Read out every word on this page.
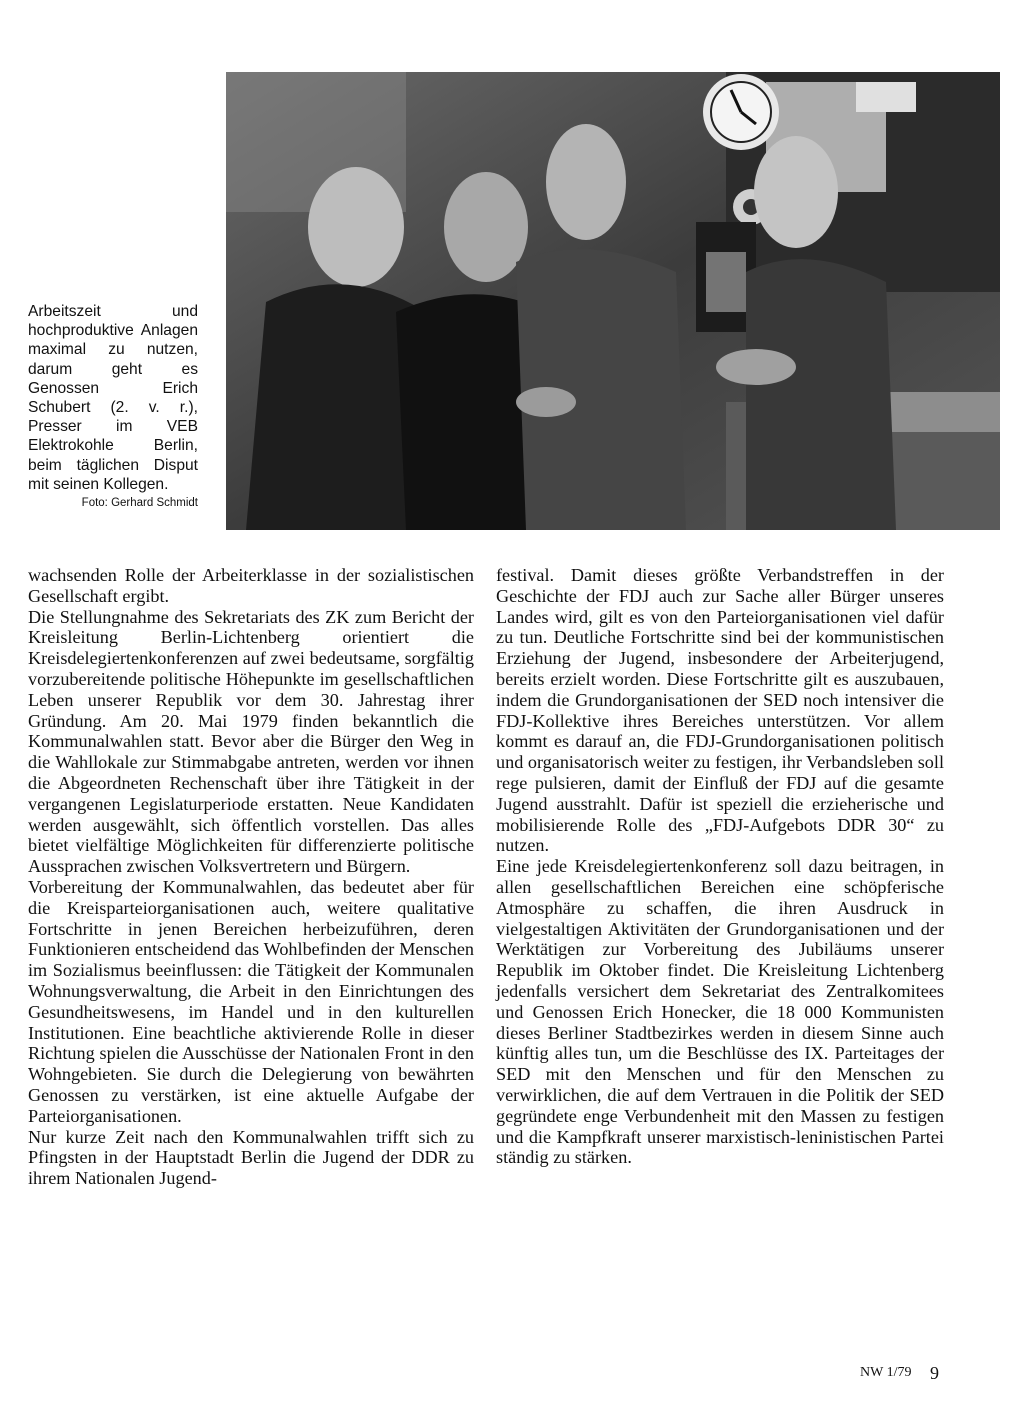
Arbeitszeit und hochproduktive Anlagen maximal zu nutzen, darum geht es Genossen Erich Schubert (2. v. r.), Presser im VEB Elektrokohle Berlin, beim täglichen Disput mit seinen Kollegen.
Foto: Gerhard Schmidt

wachsenden Rolle der Arbeiterklasse in der sozialistischen Gesellschaft ergibt.

Die Stellungnahme des Sekretariats des ZK zum Bericht der Kreisleitung Berlin-Lichtenberg orientiert die Kreisdelegiertenkonferenzen auf zwei bedeutsame, sorgfältig vorzubereitende politische Höhepunkte im gesellschaftlichen Leben unserer Republik vor dem 30. Jahrestag ihrer Gründung. Am 20. Mai 1979 finden bekanntlich die Kommunalwahlen statt. Bevor aber die Bürger den Weg in die Wahllokale zur Stimmabgabe antreten, werden vor ihnen die Abgeordneten Rechenschaft über ihre Tätigkeit in der vergangenen Legislaturperiode erstatten. Neue Kandidaten werden ausgewählt, sich öffentlich vorstellen. Das alles bietet vielfältige Möglichkeiten für differenzierte politische Aussprachen zwischen Volksvertretern und Bürgern.

Vorbereitung der Kommunalwahlen, das bedeutet aber für die Kreisparteiorganisationen auch, weitere qualitative Fortschritte in jenen Bereichen herbeizuführen, deren Funktionieren entscheidend das Wohlbefinden der Menschen im Sozialismus beeinflussen: die Tätigkeit der Kommunalen Wohnungsverwaltung, die Arbeit in den Einrichtungen des Gesundheitswesens, im Handel und in den kulturellen Institutionen. Eine beachtliche aktivierende Rolle in dieser Richtung spielen die Ausschüsse der Nationalen Front in den Wohngebieten. Sie durch die Delegierung von bewährten Genossen zu verstärken, ist eine aktuelle Aufgabe der Parteiorganisationen.

Nur kurze Zeit nach den Kommunalwahlen trifft sich zu Pfingsten in der Hauptstadt Berlin die Jugend der DDR zu ihrem Nationalen Jugend-

festival. Damit dieses größte Verbandstreffen in der Geschichte der FDJ auch zur Sache aller Bürger unseres Landes wird, gilt es von den Parteiorganisationen viel dafür zu tun. Deutliche Fortschritte sind bei der kommunistischen Erziehung der Jugend, insbesondere der Arbeiterjugend, bereits erzielt worden. Diese Fortschritte gilt es auszubauen, indem die Grundorganisationen der SED noch intensiver die FDJ-Kollektive ihres Bereiches unterstützen. Vor allem kommt es darauf an, die FDJ-Grundorganisationen politisch und organisatorisch weiter zu festigen, ihr Verbandsleben soll rege pulsieren, damit der Einfluß der FDJ auf die gesamte Jugend ausstrahlt. Dafür ist speziell die erzieherische und mobilisierende Rolle des „FDJ-Aufgebots DDR 30“ zu nutzen.

Eine jede Kreisdelegiertenkonferenz soll dazu beitragen, in allen gesellschaftlichen Bereichen eine schöpferische Atmosphäre zu schaffen, die ihren Ausdruck in vielgestaltigen Aktivitäten der Grundorganisationen und der Werktätigen zur Vorbereitung des Jubiläums unserer Republik im Oktober findet. Die Kreisleitung Lichtenberg jedenfalls versichert dem Sekretariat des Zentralkomitees und Genossen Erich Honecker, die 18 000 Kommunisten dieses Berliner Stadtbezirkes werden in diesem Sinne auch künftig alles tun, um die Beschlüsse des IX. Parteitages der SED mit den Menschen und für den Menschen zu verwirklichen, die auf dem Vertrauen in die Politik der SED gegründete enge Verbundenheit mit den Massen zu festigen und die Kampfkraft unserer marxistisch-leninistischen Partei ständig zu stärken.

NW 1/79 9
